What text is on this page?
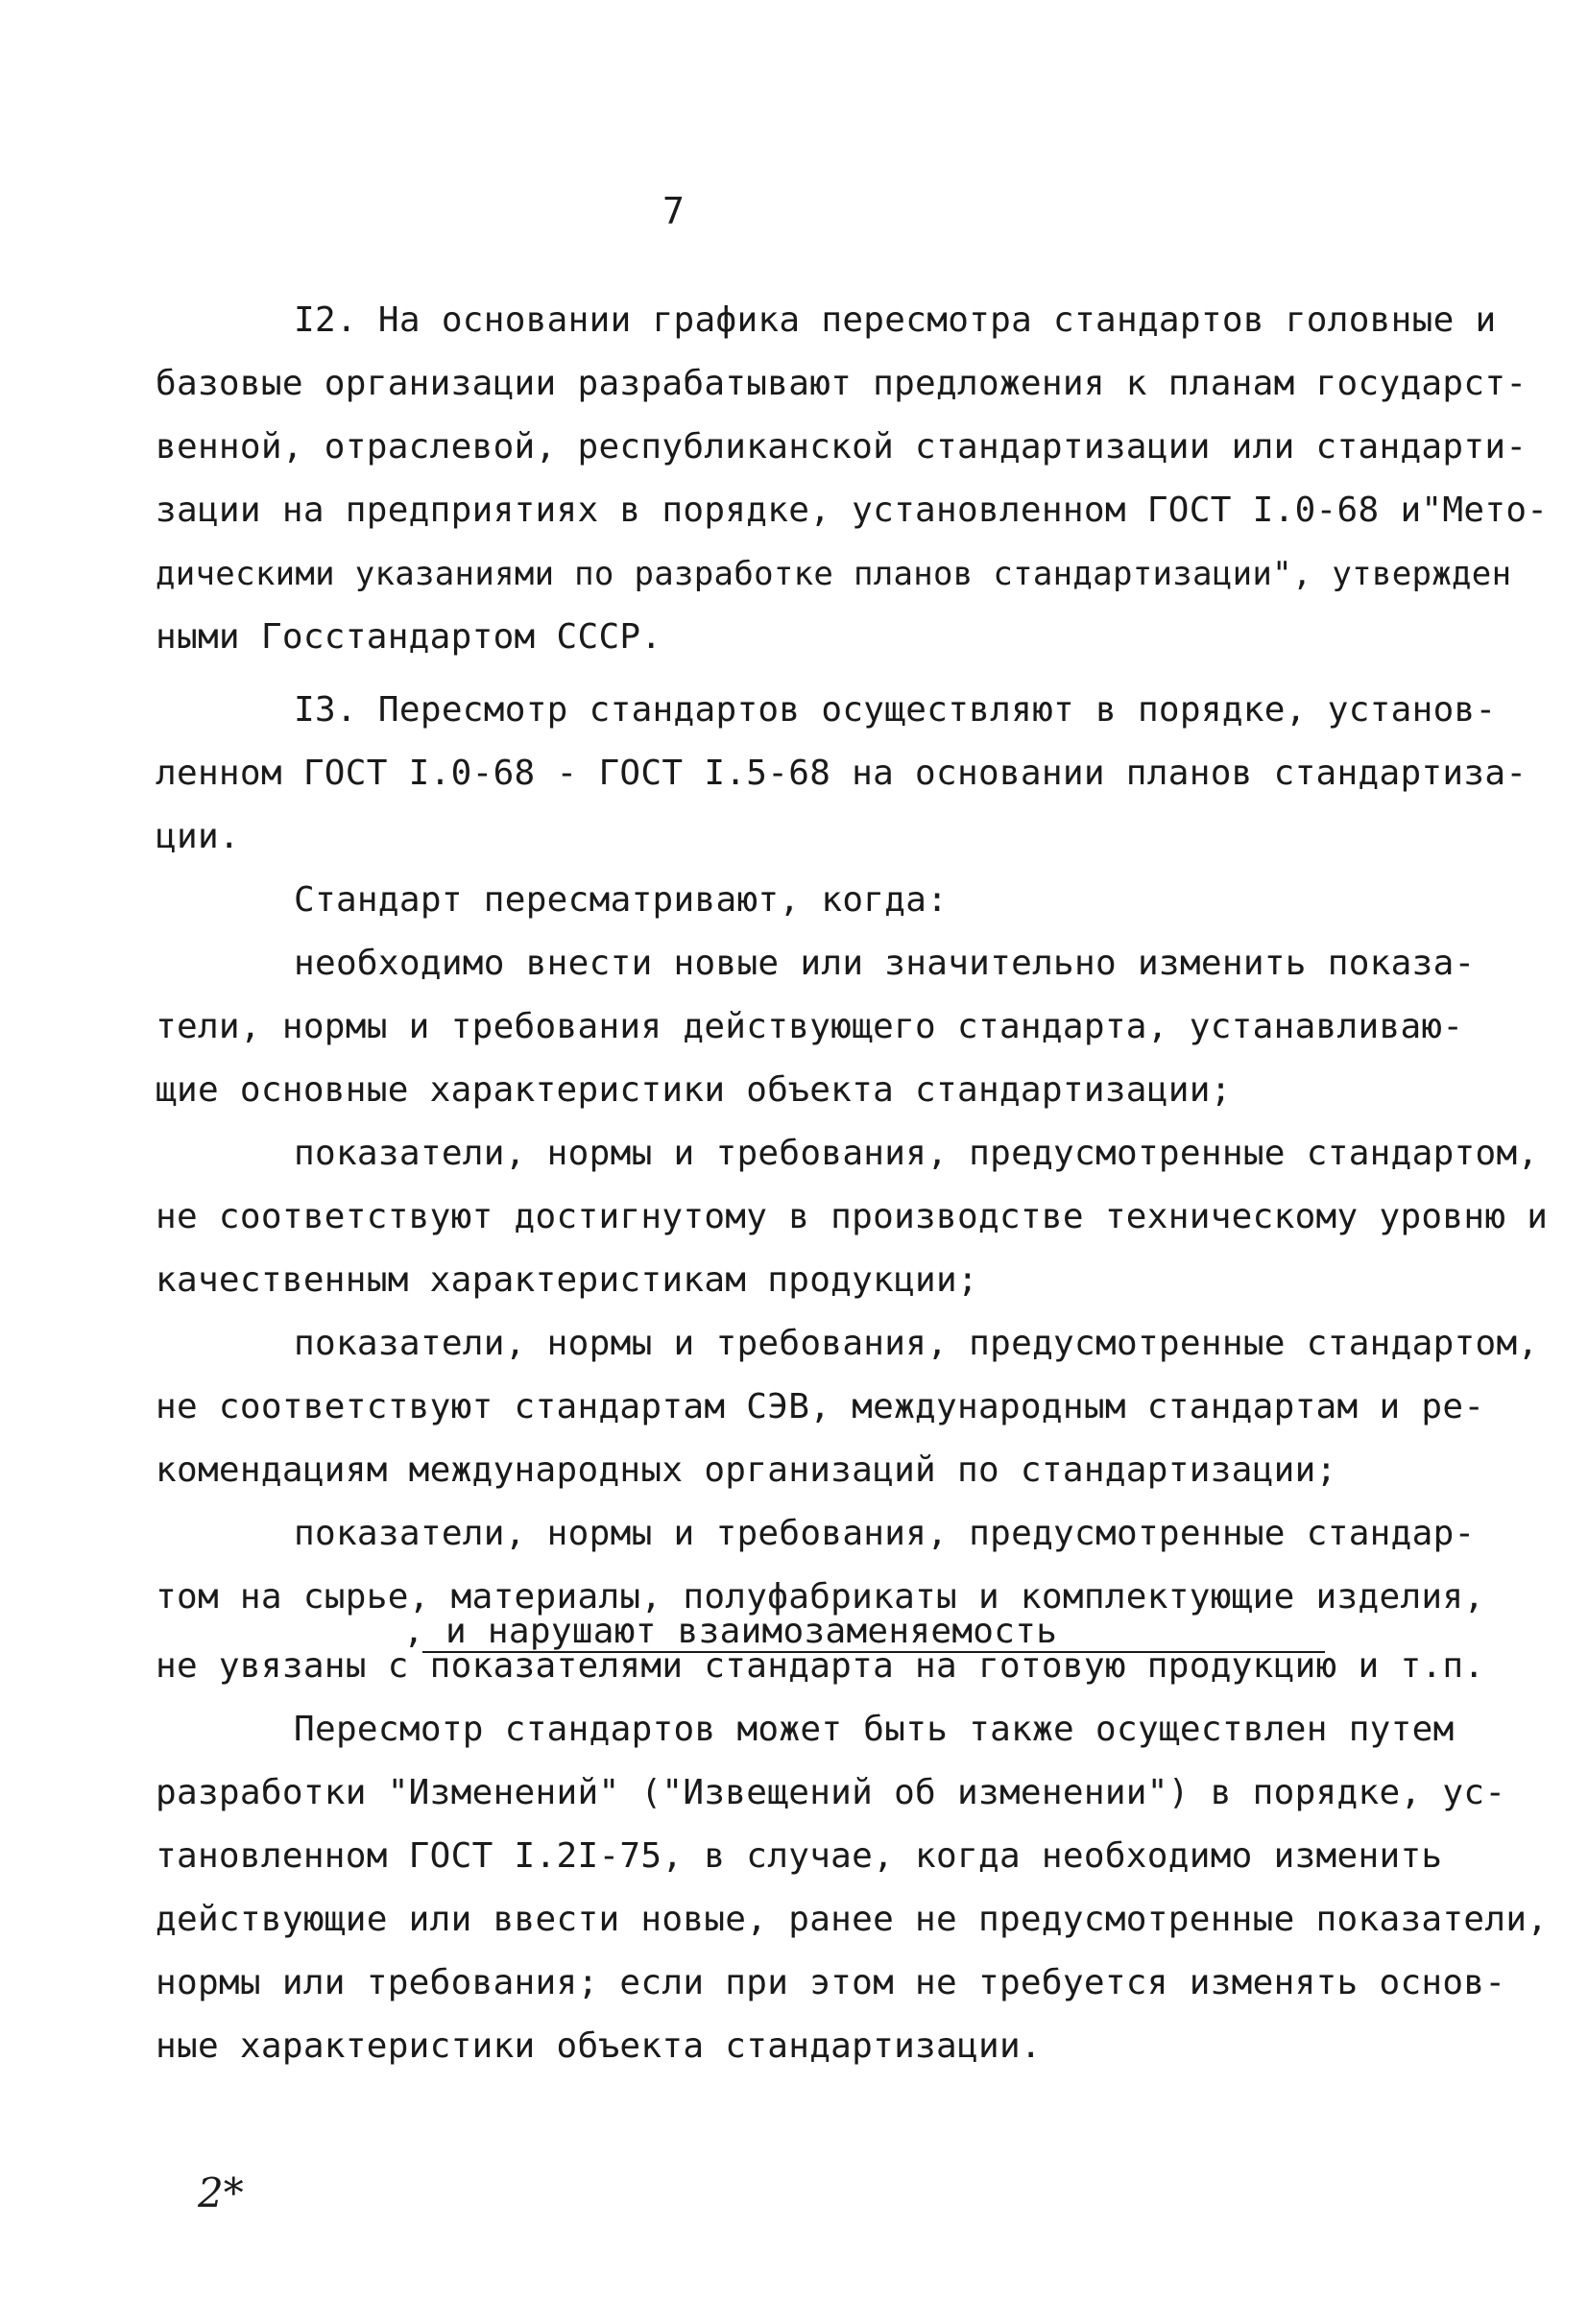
7
I2. На основании графика пересмотра стандартов головные и
базовые организации разрабатывают предложения к планам государст-
венной, отраслевой, республиканской стандартизации или стандарти-
зации на предприятиях в порядке, установленном ГОСТ I.0-68 и"Мето-
дическими указаниями по разработке планов стандартизации", утвержден
ными Госстандартом СССР.
I3. Пересмотр стандартов осуществляют в порядке, установ-
ленном ГОСТ I.0-68 - ГОСТ I.5-68 на основании планов стандартиза-
ции.
Стандарт пересматривают, когда:
необходимо внести новые или значительно изменить показа-
тели, нормы и требования действующего стандарта, устанавливаю-
щие основные характеристики объекта стандартизации;
показатели, нормы и требования, предусмотренные стандартом,
не соответствуют достигнутому в производстве техническому уровню и
качественным характеристикам продукции;
показатели, нормы и требования, предусмотренные стандартом,
не соответствуют стандартам СЭВ, международным стандартам и ре-
комендациям международных организаций по стандартизации;
показатели, нормы и требования, предусмотренные стандар-
том на сырье, материалы, полуфабрикаты и комплектующие изделия,
, и нарушают взаимозаменяемость
не увязаны с показателями стандарта на готовую продукцию и т.п.
Пересмотр стандартов может быть также осуществлен путем
разработки "Изменений" ("Извещений об изменении") в порядке, ус-
тановленном ГОСТ I.2I-75, в случае, когда необходимо изменить
действующие или ввести новые, ранее не предусмотренные показатели,
нормы или требования; если при этом не требуется изменять основ-
ные характеристики объекта стандартизации.
2*
